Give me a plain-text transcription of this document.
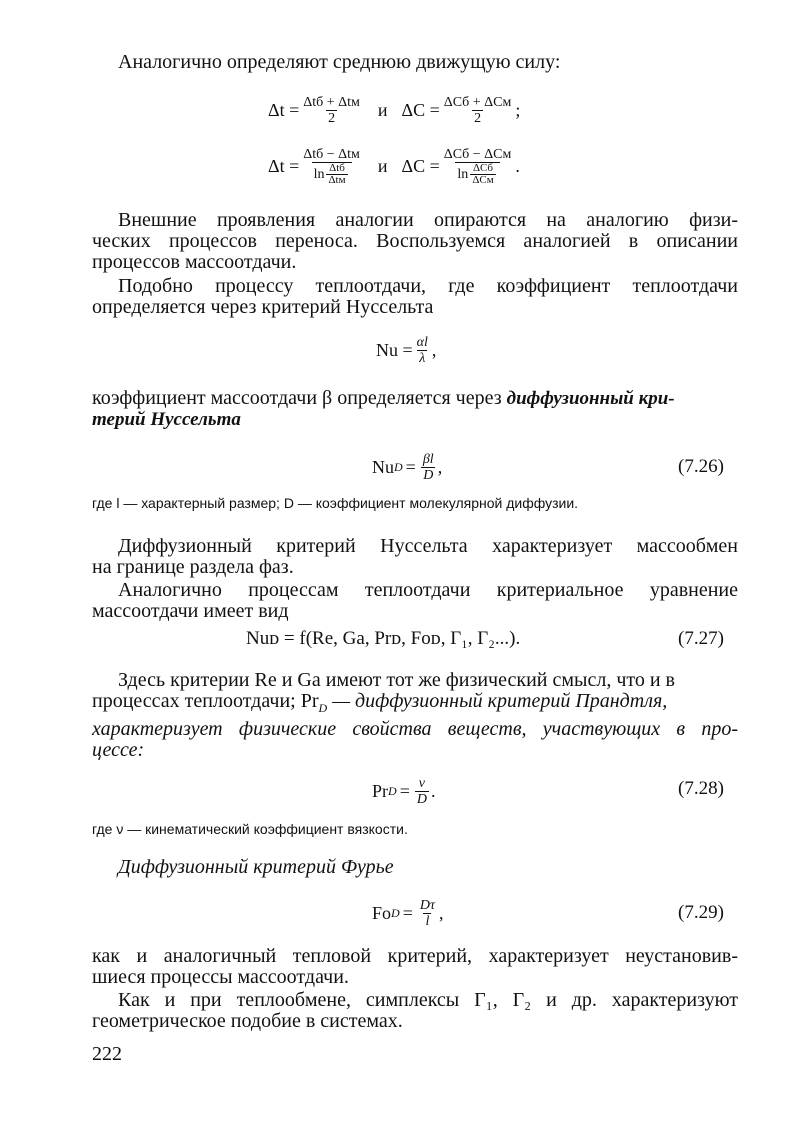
Аналогично определяют среднюю движущую силу:
$\Delta t = \frac{\text{Δtб + Δtм}}{2}$ и $\Delta C = \frac{\text{ΔCб + ΔCм}}{2}$ ;
$\Delta t = \frac{\text{Δtб − Δtм}}{\ln \frac{\text{Δtб}}{\text{Δtм}}}$ и $\Delta C = \frac{\text{ΔCб − ΔCм}}{\ln \frac{\text{ΔCб}}{\text{ΔCм}}}$ .
Внешние проявления аналогии опираются на аналогию физи-
ческих процессов переноса. Воспользуемся аналогией в описании
процессов массоотдачи.
Подобно процессу теплоотдачи, где коэффициент теплоотдачи
определяется через критерий Нуссельта
$Nu = \frac{\alpha l}{\lambda}$ ,
коэффициент массоотдачи β определяется через диффузионный кри-
терий Нуссельта
Nu $D = \frac{\beta l}{D}$ ,	(7.26)
где l — характерный размер; D — коэффициент молекулярной диффузии.
Диффузионный критерий Нуссельта характеризует массообмен
на границе раздела фаз.
Аналогично процессам теплоотдачи критериальное уравнение
массоотдачи имеет вид
Nuᴅ = f(Re, Ga, Prᴅ, Foᴅ, Г₁, Г₂...).	(7.27)
Здесь критерии Re и Ga имеют тот же физический смысл, что и в
процессах теплоотдачи; $Pr_D$ — диффузионный критерий Прандтля,
характеризует физические свойства веществ, участвующих в про-
цессе:
Pr $D = \frac{\nu}{D}$ .	(7.28)
где ν — кинематический коэффициент вязкости.
Диффузионный критерий Фурье
Fo $D = \frac{D\tau}{l}$ ,	(7.29)
как и аналогичный тепловой критерий, характеризует неустановив-
шиеся процессы массоотдачи.
Как и при теплообмене, симплексы Г₁, Г₂ и др. характеризуют
геометрическое подобие в системах.
222
